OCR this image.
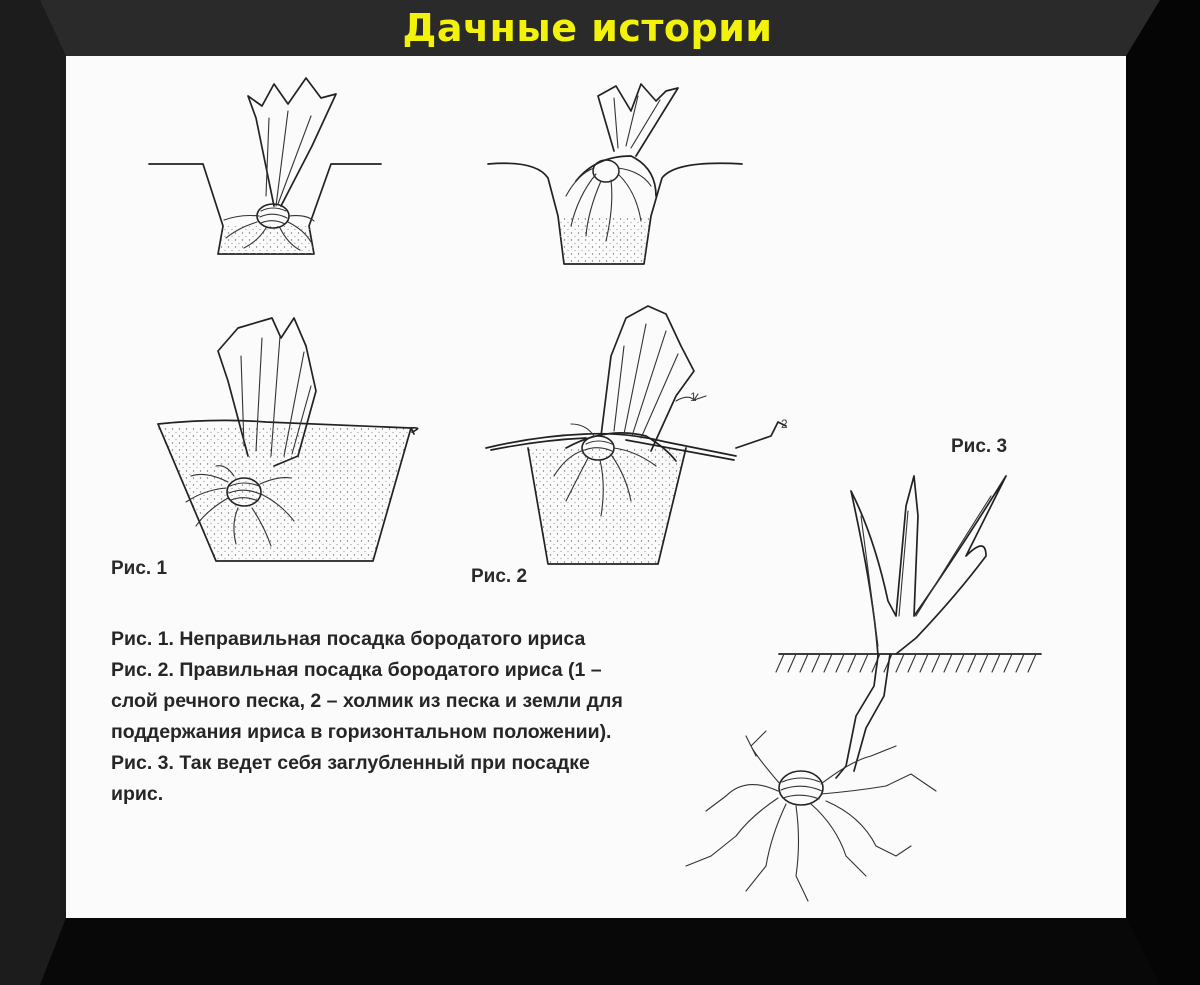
Дачные истории
1
2
Рис. 1	Рис. 2
Рис. 3

Рис. 1. Неправильная посадка бородатого ириса

Рис. 2. Правильная посадка бородатого ириса (1 – слой речного песка, 2 – холмик из песка и земли для поддержания ириса в горизонтальном положении).

Рис. 3. Так ведет себя заглубленный при посадке ирис.
